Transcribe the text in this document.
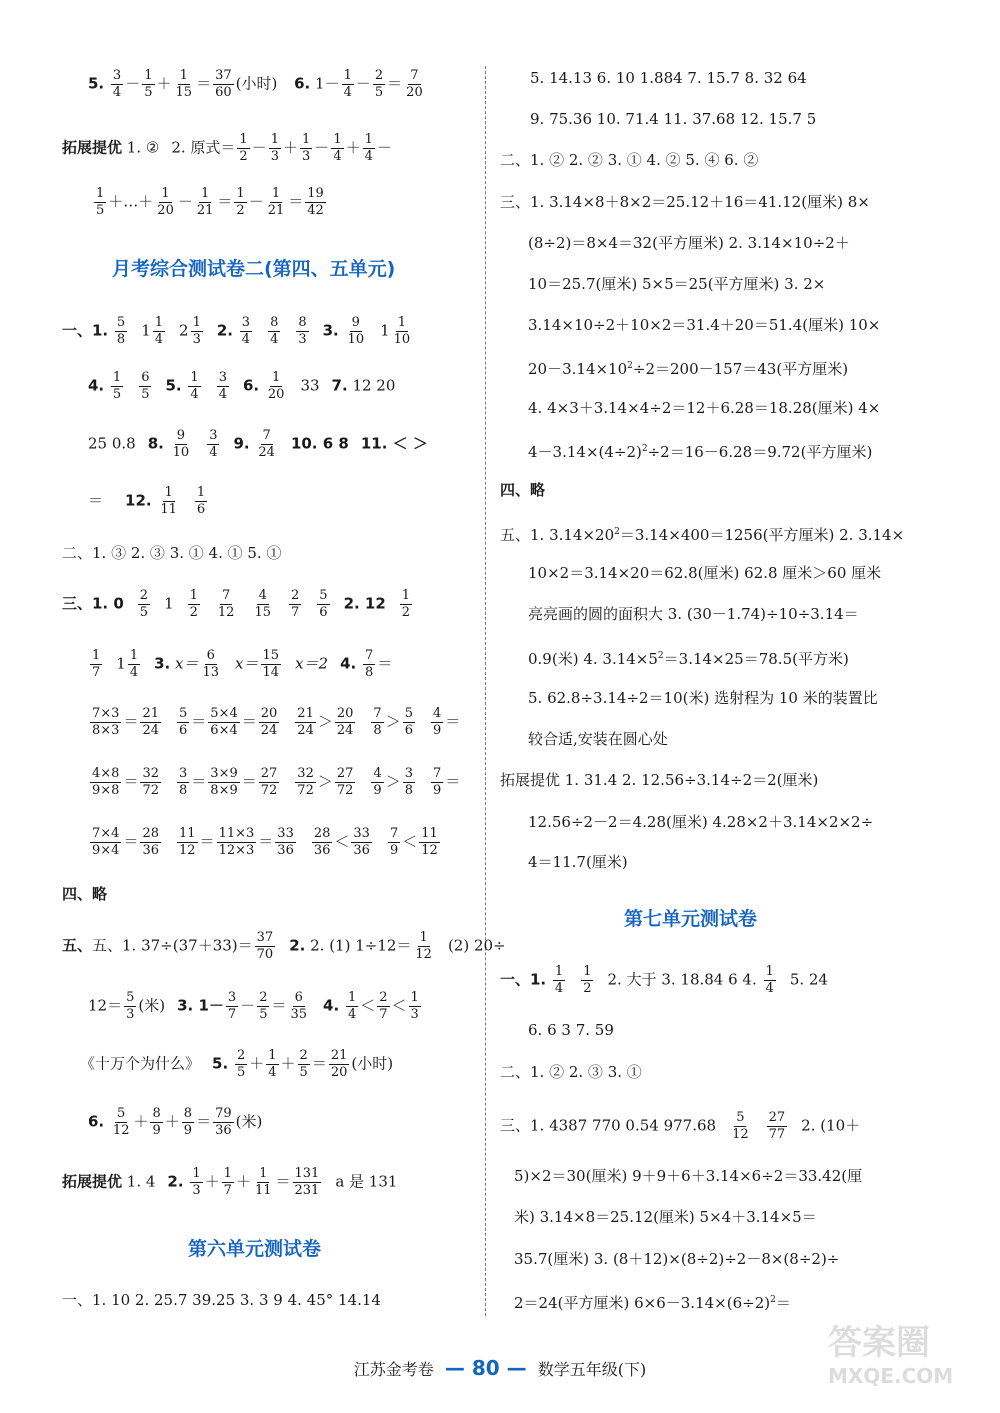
5. $\frac{3}{4} - \frac{1}{5} + \frac{1}{15} = \frac{37}{60}$ (小时) 6. $1- \frac{1}{4} - \frac{2}{5} = \frac{7}{20}$
拓展提优 1. ② 2. 原式＝ $\frac{1}{2} - \frac{1}{3} + \frac{1}{3} - \frac{1}{4} + \frac{1}{4}$ －
$\frac{1}{5}$ ＋…＋ $\frac{1}{20} - \frac{1}{21} = \frac{1}{2} - \frac{1}{21} = \frac{19}{42}$
月考综合测试卷二(第四、五单元)
一、1. $\frac{5}{8} 1 \frac{1}{4} 2 \frac{1}{3} 2$. $\frac{3}{4} \frac{8}{4} \frac{8}{3} 3$. $\frac{9}{10} 1 \frac{1}{10}$
4. $\frac{1}{5} \frac{6}{5} 5$. $\frac{1}{4} \frac{3}{4} 6$. $\frac{1}{20} 33$ 7. 12 20
25 0.8 8. $\frac{9}{10} \frac{3}{4} 9$. $\frac{7}{24} 10$. 6 8 11. ＜ ＞
＝ 12. $\frac{1}{11} \frac{1}{6}$
二、1. ③ 2. ③ 3. ① 4. ① 5. ①
三、1. $0 \frac{2}{5} 1 \frac{1}{2} \frac{7}{12} \frac{4}{15} \frac{2}{7} \frac{5}{6} 2$. $12 \frac{1}{2}$
$\frac{1}{7} 1 \frac{1}{4} 3$. $x= \frac{6}{13} x= \frac{15}{14} x=2$ 4. $\frac{7}{8}$ ＝
$\frac{7\times 3}{8\times 3} = \frac{21}{24} \frac{5}{6} = \frac{5\times 4}{6\times 4} = \frac{20}{24} \frac{21}{24} > \frac{20}{24} \frac{7}{8} > \frac{5}{6} \frac{4}{9}$ ＝
$\frac{4\times 8}{9\times 8} = \frac{32}{72} \frac{3}{8} = \frac{3\times 9}{8\times 9} = \frac{27}{72} \frac{32}{72} > \frac{27}{72} \frac{4}{9} > \frac{3}{8} \frac{7}{9}$ ＝
$\frac{7\times 4}{9\times 4} = \frac{28}{36} \frac{11}{12} = \frac{11\times 3}{12\times 3} = \frac{33}{36} \frac{28}{36} < \frac{33}{36} \frac{7}{9} < \frac{11}{12}$
四、略
五、五、1. $37\div(37+33)= \frac{37}{70} 2$. 2. (1) $1\div 12= \frac{1}{12} (2)$ 20÷
$12= \frac{5}{3}$ (米) 3. $1- \frac{3}{7} - \frac{2}{5} = \frac{6}{35} 4$. $\frac{1}{4} < \frac{2}{7} < \frac{1}{3}$
《十万个为什么》 5. $\frac{2}{5} + \frac{1}{4} + \frac{2}{5} = \frac{21}{20}$ (小时)
6. $\frac{5}{12} + \frac{8}{9} + \frac{8}{9} = \frac{79}{36}$ (米)
拓展提优 1. 4 2. $\frac{1}{3} + \frac{1}{7} + \frac{1}{11} = \frac{131}{231}$ a 是 131
第六单元测试卷
一、1. 10 2. 25.7 39.25 3. 3 9 4. 45° 14.14
5. 14.13 6. 10 1.884 7. 15.7 8. 32 64
9. 75.36 10. 71.4 11. 37.68 12. 15.7 5
二、1. ② 2. ② 3. ① 4. ② 5. ④ 6. ②
三、1. 3.14×8＋8×2＝25.12＋16＝41.12(厘米) 8×
(8÷2)＝8×4＝32(平方厘米) 2. 3.14×10÷2＋
10＝25.7(厘米) 5×5＝25(平方厘米) 3. 2×
3.14×10÷2＋10×2＝31.4＋20＝51.4(厘米) 10×
$20-3.14\times 10^2\div 2=200-157=43$(平方厘米)
4. 4×3＋3.14×4÷2＝12＋6.28＝18.28(厘米) 4×
$4-3.14\times(4\div 2)^2\div 2=16-6.28=9.72$(平方厘米)
四、略
五、1. $3.14\times 20^2=3.14\times 400=1256$(平方厘米) 2. 3.14×
10×2＝3.14×20＝62.8(厘米) 62.8 厘米＞60 厘米
亮亮画的圆的面积大 3. (30－1.74)÷10÷3.14＝
0.9(米) 4. $3.14\times 5^2=3.14\times 25=78.5$(平方米)
5. 62.8÷3.14÷2＝10(米) 选射程为 10 米的装置比
较合适,安装在圆心处
拓展提优 1. 31.4 2. 12.56÷3.14÷2＝2(厘米)
12.56÷2－2＝4.28(厘米) 4.28×2＋3.14×2×2÷
4＝11.7(厘米)
第七单元测试卷
一、1. $\frac{1}{4} \frac{1}{2} 2$. 大于 3. 18.84 6 4. $\frac{1}{4} 5$. 24
6. 6 3 7. 59
二、1. ② 2. ③ 3. ①
三、1. 4387 770 0.54 $977.68 \frac{5}{12} \frac{27}{77} 2$. (10＋
5)×2＝30(厘米) 9＋9＋6＋3.14×6÷2＝33.42(厘
米) 3.14×8＝25.12(厘米) 5×4＋3.14×5＝
35.7(厘米) 3. (8＋12)×(8÷2)÷2－8×(8÷2)÷
2＝24(平方厘米) $6\times 6-3.14\times(6\div 2)^2=$
江苏金考卷 — 80 — 数学五年级(下)
答案圈
MXQE.COM
